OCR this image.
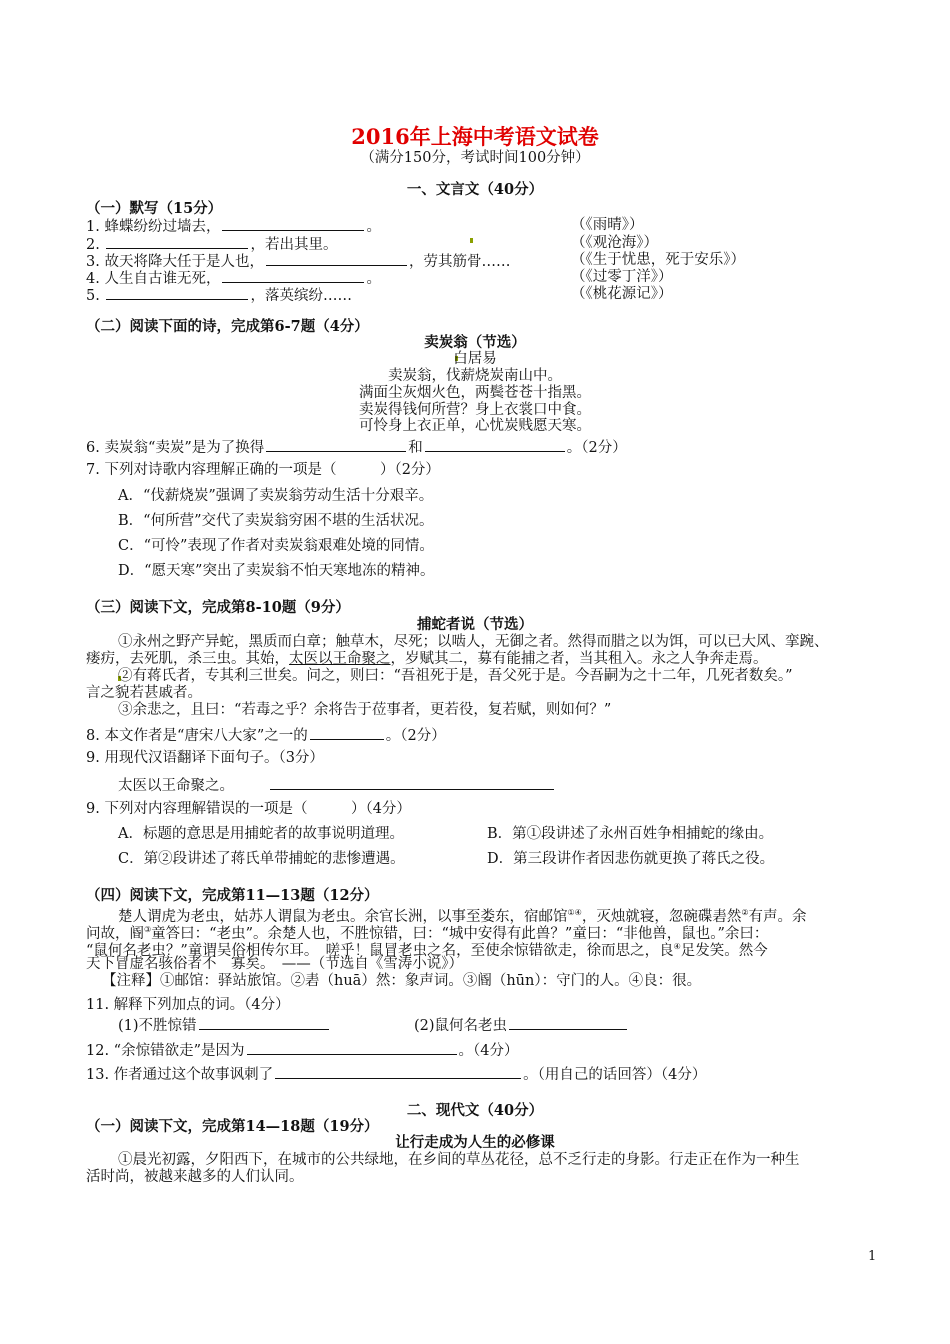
2016年上海中考语文试卷
（满分150分，考试时间100分钟）
一、文言文（40分）
（一）默写（15分）
1. 蜂蝶纷纷过墙去，	。	（《雨晴》）
2.	，若出其里。	（《观沧海》）
3. 故天将降大任于是人也，	，劳其筋骨……	（《生于忧患，死于安乐》）
4. 人生自古谁无死，	。	（《过零丁洋》）
5.	，落英缤纷……	（《桃花源记》）
（二）阅读下面的诗，完成第6-7题（4分）
卖炭翁（节选）
白居易
卖炭翁，伐薪烧炭南山中。
满面尘灰烟火色，两鬓苍苍十指黑。
卖炭得钱何所营？身上衣裳口中食。
可怜身上衣正单，心忧炭贱愿天寒。
6. 卖炭翁“卖炭”是为了换得	和	。（2分）
7. 下列对诗歌内容理解正确的一项是（　　　）（2分）
A．“伐薪烧炭”强调了卖炭翁劳动生活十分艰辛。
B．“何所营”交代了卖炭翁穷困不堪的生活状况。
C．“可怜”表现了作者对卖炭翁艰难处境的同情。
D．“愿天寒”突出了卖炭翁不怕天寒地冻的精神。
（三）阅读下文，完成第8-10题（9分）
捕蛇者说（节选）
①永州之野产异蛇，黑质而白章；触草木，尽死；以啮人，无御之者。然得而腊之以为饵，可以已大风、挛踠、
瘘疠，去死肌，杀三虫。其始，太医以王命聚之，岁赋其二，募有能捕之者，当其租入。永之人争奔走焉。
②有蒋氏者，专其利三世矣。问之，则曰：“吾祖死于是，吾父死于是。今吾嗣为之十二年，几死者数矣。”
言之貌若甚戚者。
③余悲之，且曰：“若毒之乎？余将告于莅事者，更若役，复若赋，则如何？”
8. 本文作者是“唐宋八大家”之一的	。（2分）
9. 用现代汉语翻译下面句子。（3分）
太医以王命聚之。
9. 下列对内容理解错误的一项是（　　　）（4分）
A．标题的意思是用捕蛇者的故事说明道理。	B．第①段讲述了永州百姓争相捕蛇的缘由。
C．第②段讲述了蒋氏单带捕蛇的悲惨遭遇。	D．第三段讲作者因悲伤就更换了蒋氏之役。
（四）阅读下文，完成第11—13题（12分）
楚人谓虎为老虫，姑苏人谓鼠为老虫。余官长洲，以事至娄东，宿邮馆①④，灭烛就寝，忽碗碟砉然②有声。余
问故，阍③童答曰：“老虫”。余楚人也，不胜惊错，曰：“城中安得有此兽？”童曰：“非他兽，鼠也。”余曰：
“鼠何名老虫？”童谓吴俗相传尔耳。　嗟乎！鼠冒老虫之名，至使余惊错欲走，徐而思之，良④足发笑。然今
天下冒虚名骇俗者不　寡矣。　——（节选自《雪涛小说》）
【注释】①邮馆：驿站旅馆。②砉（huā）然：象声词。③阍（hūn）：守门的人。④良：很。
11. 解释下列加点的词。（4分）
(1)不胜惊错	(2)鼠何名老虫
12. “余惊错欲走”是因为	。（4分）
13. 作者通过这个故事讽刺了	。（用自己的话回答）（4分）
二、现代文（40分）
（一）阅读下文，完成第14—18题（19分）
让行走成为人生的必修课
①晨光初露，夕阳西下，在城市的公共绿地，在乡间的草丛花径，总不乏行走的身影。行走正在作为一种生
活时尚，被越来越多的人们认同。
1
